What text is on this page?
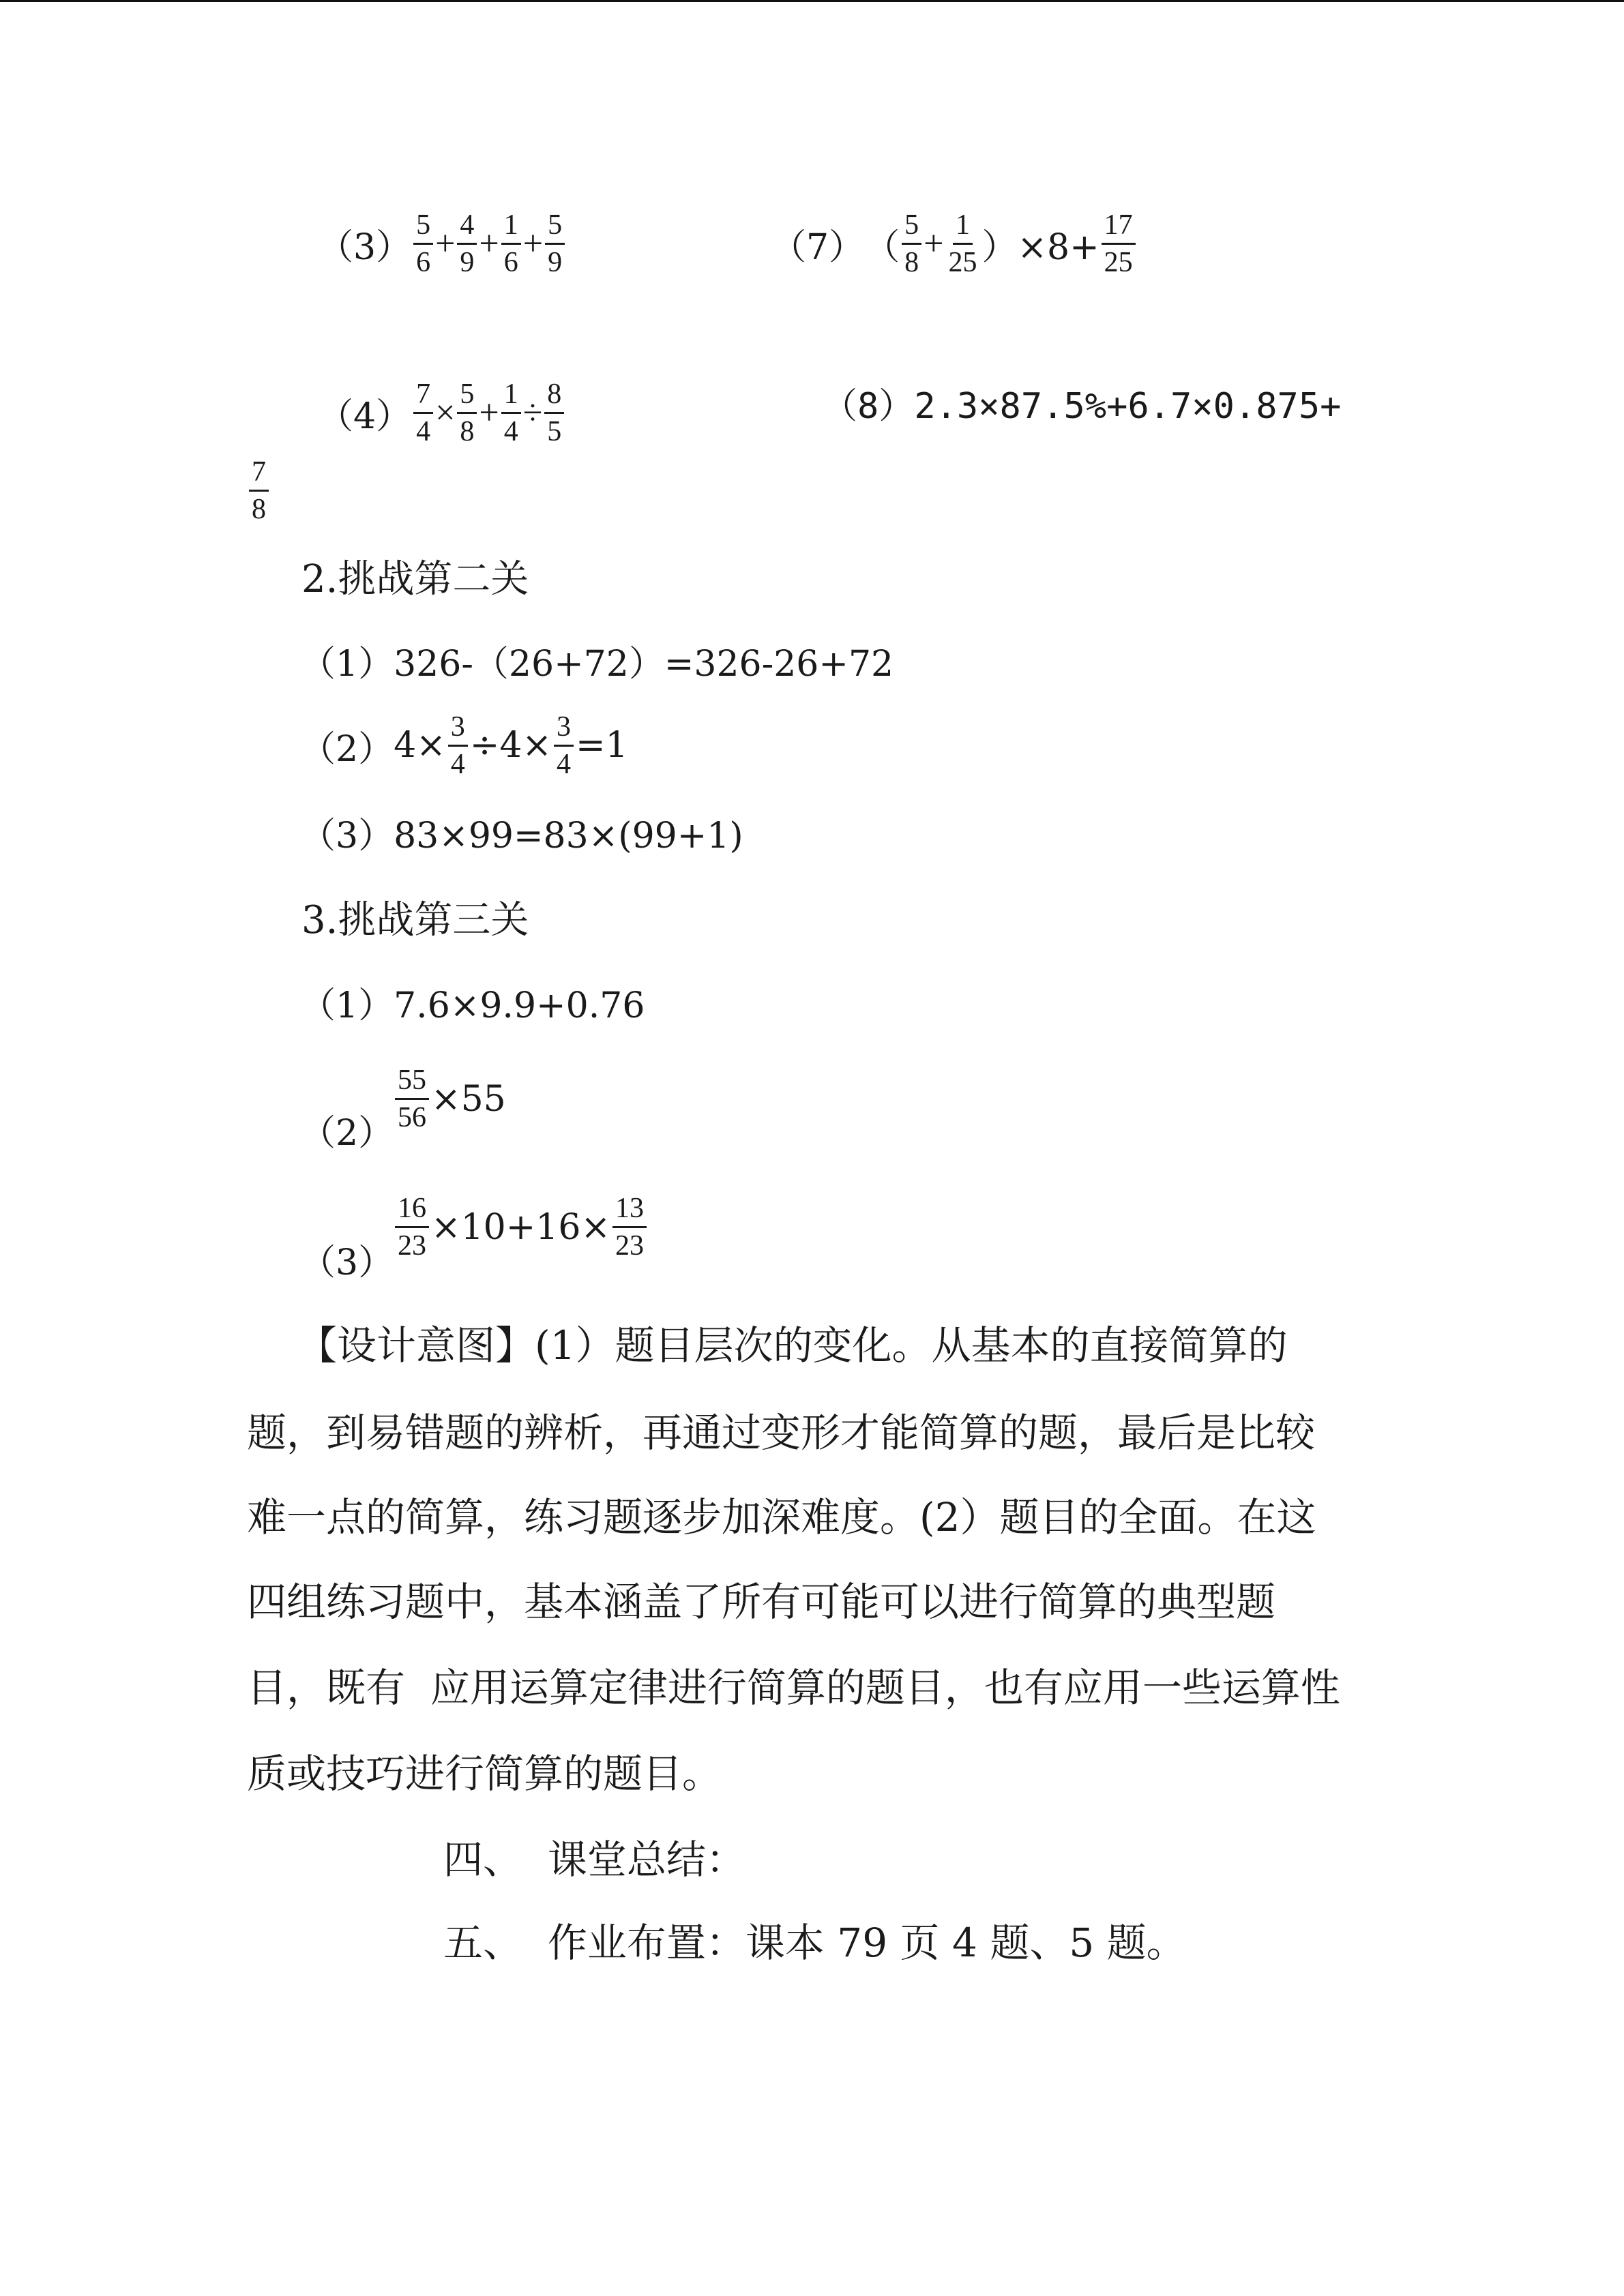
$(3) \frac{5}{6} + \frac{4}{9} + \frac{1}{6} + \frac{5}{9}$	（7） （ $\frac{5}{8} + \frac{1}{25} )\times 8+ \frac{17}{25}$
$(4) \frac{7}{4} \times \frac{5}{8} + \frac{1}{4} \div \frac{8}{5}$	（8）2.3×87.5%+6.7×0.875+
$\frac{7}{8}$
2.挑战第二关
（1）326-（26+72）=326-26+72
（2） $4\times \frac{3}{4} \div 4\times \frac{3}{4} =1$
（3）83×99=83×(99+1)
3.挑战第三关
（1）7.6×9.9+0.76
$(2) \frac{55}{56} \times 55$
（3）
$\frac{16}{23} \times 10+16\times \frac{13}{23}$
【设计意图】(1）题目层次的变化。从基本的直接简算的
题，到易错题的辨析，再通过变形才能简算的题，最后是比较
难一点的简算，练习题逐步加深难度。(2）题目的全面。在这
四组练习题中，基本涵盖了所有可能可以进行简算的典型题
目，既有  应用运算定律进行简算的题目，也有应用一些运算性
质或技巧进行简算的题目。
四、  课堂总结：
五、  作业布置：课本 79 页 4 题、5 题。
